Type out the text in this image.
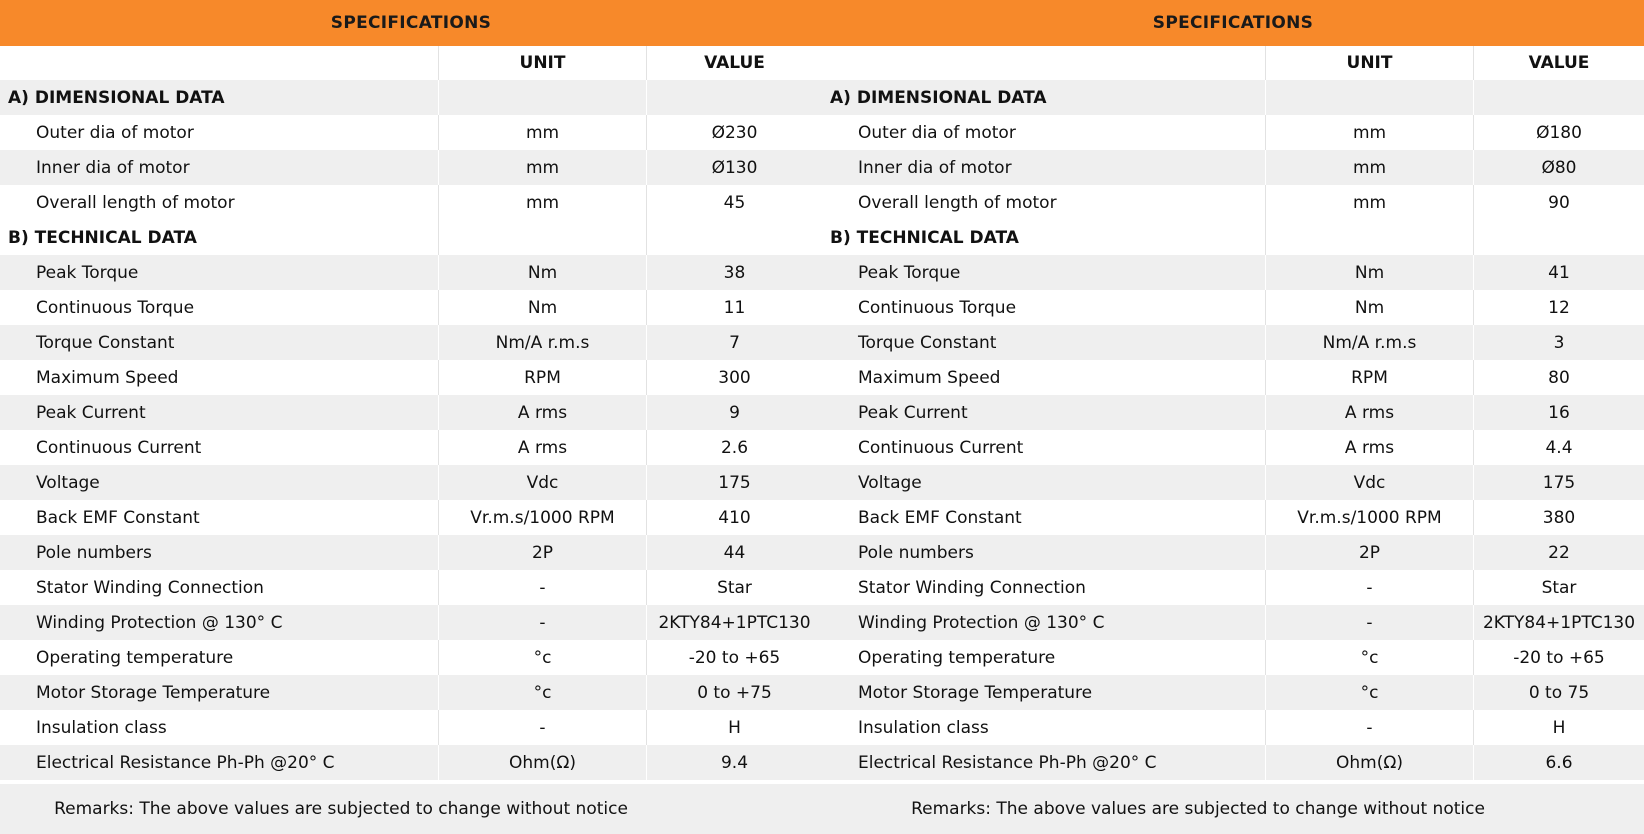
SPECIFICATIONS
UNIT	VALUE
A) DIMENSIONAL DATA
Outer dia of motor	mm	Ø230
Inner dia of motor	mm	Ø130
Overall length of motor	mm	45
B) TECHNICAL DATA
Peak Torque	Nm	38
Continuous Torque	Nm	11
Torque Constant	Nm/A r.m.s	7
Maximum Speed	RPM	300
Peak Current	A rms	9
Continuous Current	A rms	2.6
Voltage	Vdc	175
Back EMF Constant	Vr.m.s/1000 RPM	410
Pole numbers	2P	44
Stator Winding Connection	-	Star
Winding Protection @ 130° C	-	2KTY84+1PTC130
Operating temperature	°c	-20 to +65
Motor Storage Temperature	°c	0 to +75
Insulation class	-	H
Electrical Resistance Ph-Ph @20° C	Ohm(Ω)	9.4
Remarks: The above values are subjected to change without notice
SPECIFICATIONS
UNIT	VALUE
A) DIMENSIONAL DATA
Outer dia of motor	mm	Ø180
Inner dia of motor	mm	Ø80
Overall length of motor	mm	90
B) TECHNICAL DATA
Peak Torque	Nm	41
Continuous Torque	Nm	12
Torque Constant	Nm/A r.m.s	3
Maximum Speed	RPM	80
Peak Current	A rms	16
Continuous Current	A rms	4.4
Voltage	Vdc	175
Back EMF Constant	Vr.m.s/1000 RPM	380
Pole numbers	2P	22
Stator Winding Connection	-	Star
Winding Protection @ 130° C	-	2KTY84+1PTC130
Operating temperature	°c	-20 to +65
Motor Storage Temperature	°c	0 to 75
Insulation class	-	H
Electrical Resistance Ph-Ph @20° C	Ohm(Ω)	6.6
Remarks: The above values are subjected to change without notice
